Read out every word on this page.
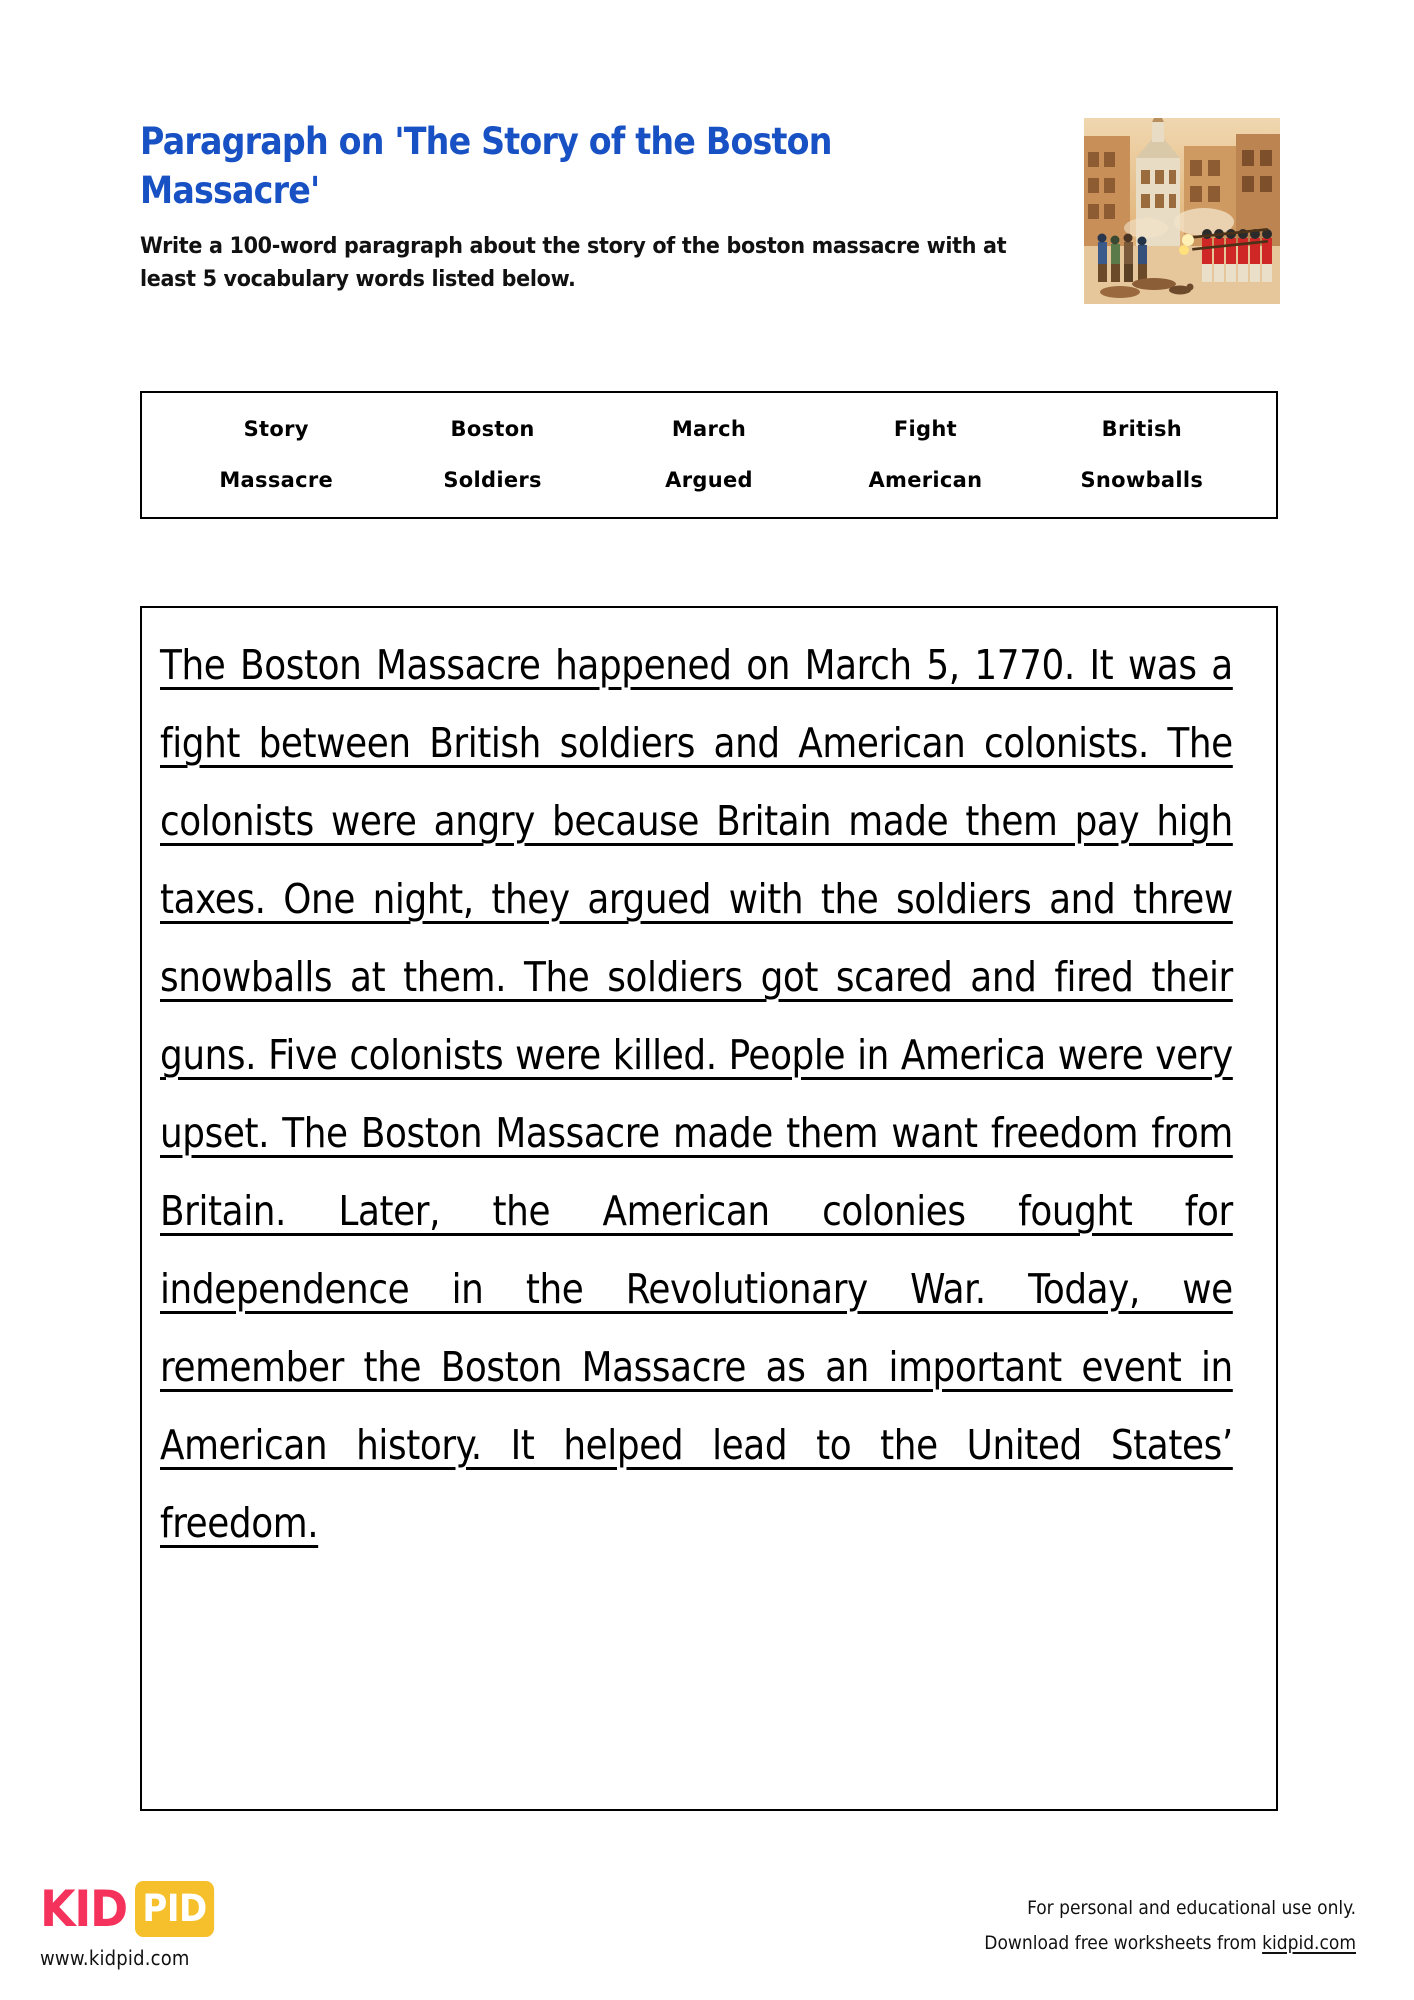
Paragraph on 'The Story of the Boston Massacre'
Write a 100-word paragraph about the story of the boston massacre with at least 5 vocabulary words listed below.
Story	Boston	March	Fight	British
Massacre	Soldiers	Argued	American	Snowballs
The Boston Massacre happened on March 5, 1770. It was a fight between British soldiers and American colonists. The colonists were angry because Britain made them pay high taxes. One night, they argued with the soldiers and threw snowballs at them. The soldiers got scared and fired their guns. Five colonists were killed. People in America were very upset. The Boston Massacre made them want freedom from Britain. Later, the American colonies fought for independence in the Revolutionary War. Today, we remember the Boston Massacre as an important event in American history. It helped lead to the United States’ freedom.
KID PID
www.kidpid.com
For personal and educational use only.
Download free worksheets from kidpid.com
